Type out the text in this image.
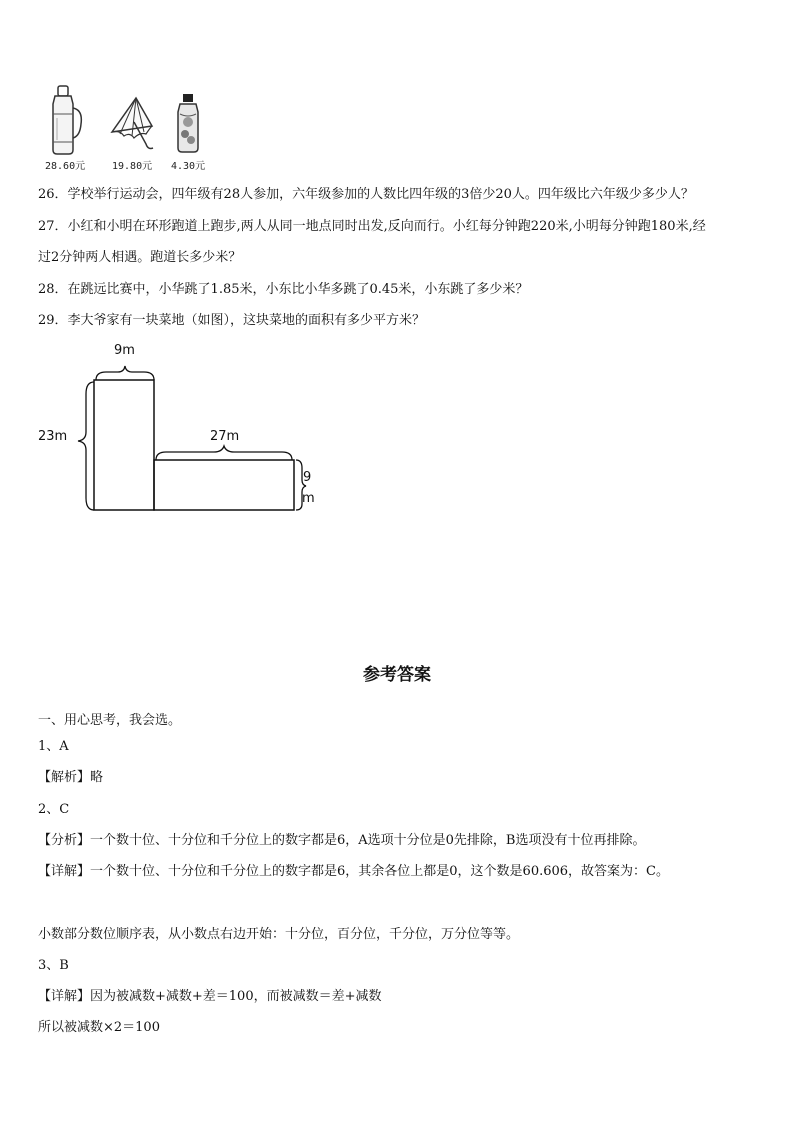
28.60元	19.80元 4.30元
26．学校举行运动会，四年级有28人参加，六年级参加的人数比四年级的3倍少20人。四年级比六年级少多少人？
27．小红和小明在环形跑道上跑步,两人从同一地点同时出发,反向而行。小红每分钟跑220米,小明每分钟跑180米,经
过2分钟两人相遇。跑道长多少米？
28．在跳远比赛中，小华跳了1.85米，小东比小华多跳了0.45米，小东跳了多少米？
29．李大爷家有一块菜地（如图），这块菜地的面积有多少平方米？
9m
23m	27m
9
m
参考答案
一、用心思考，我会选。
1、A
【解析】略
2、C
【分析】一个数十位、十分位和千分位上的数字都是6，A选项十分位是0先排除，B选项没有十位再排除。
【详解】一个数十位、十分位和千分位上的数字都是6，其余各位上都是0，这个数是60.606，故答案为：C。
小数部分数位顺序表，从小数点右边开始：十分位，百分位，千分位，万分位等等。
3、B
【详解】因为被减数+减数+差＝100，而被减数＝差+减数
所以被减数×2＝100
